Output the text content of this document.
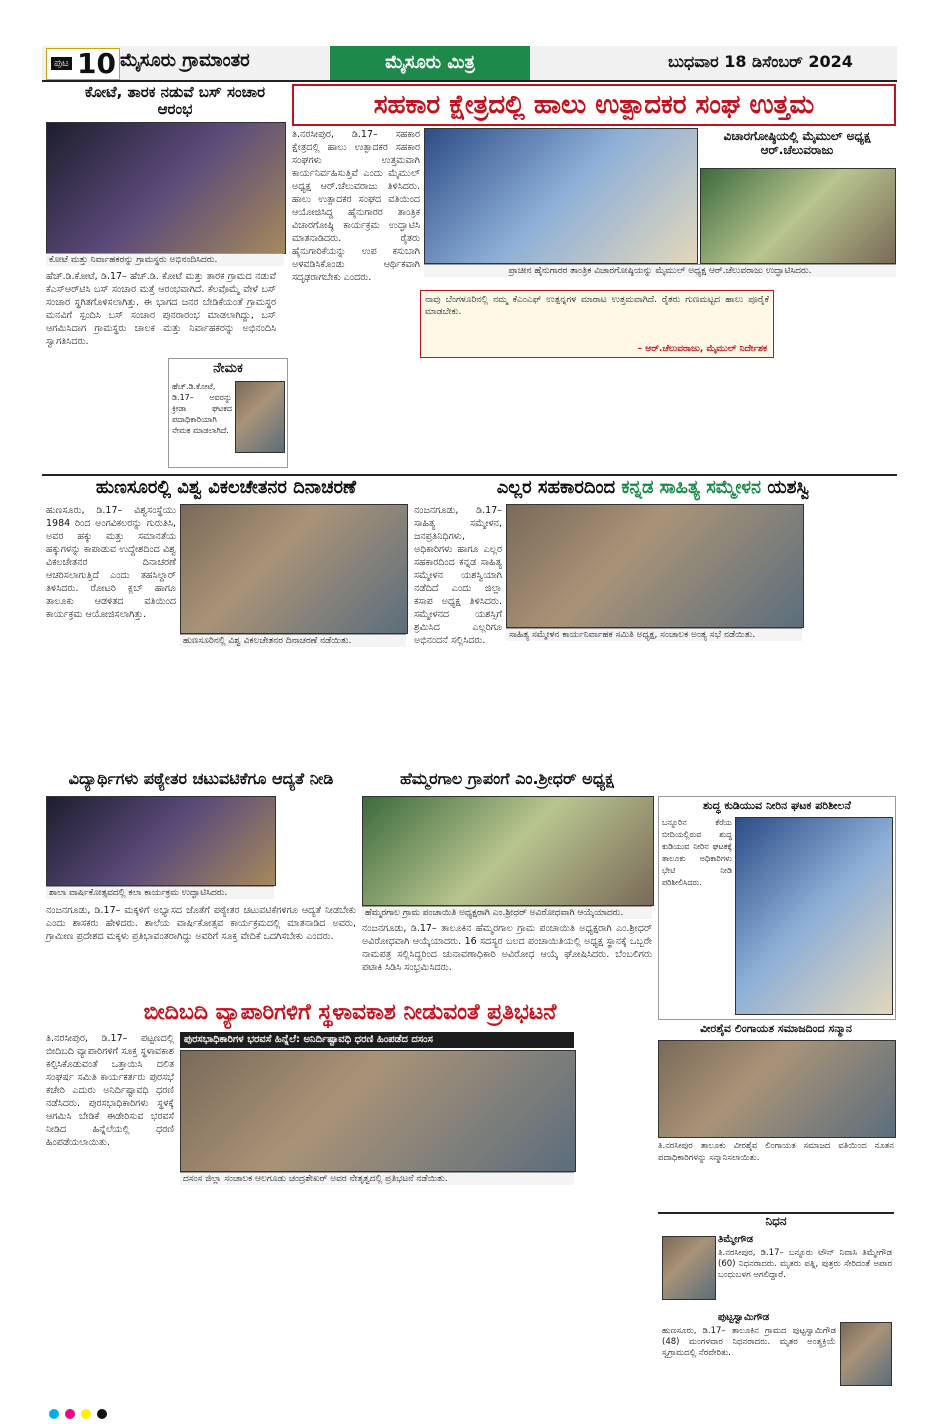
ಪುಟ 10 ಮೈಸೂರು ಗ್ರಾಮಾಂತರ	ಮೈಸೂರು ಮಿತ್ರ	ಬುಧವಾರ 18 ಡಿಸೆಂಬರ್ 2024
ಕೋಟೆ, ತಾರಕ ನಡುವೆ ಬಸ್ ಸಂಚಾರ ಆರಂಭ
ಕೋಟೆ ಮತ್ತು ನಿರ್ವಾಹಕರನ್ನು ಗ್ರಾಮಸ್ಥರು ಅಭಿನಂದಿಸಿದರು.
ಹೆಚ್.ಡಿ.ಕೋಟೆ, ಡಿ.17– ಹೆಚ್.ಡಿ. ಕೋಟೆ ಮತ್ತು ತಾರಕ ಗ್ರಾಮದ ನಡುವೆ ಕೆಎಸ್‌ಆರ್‌ಟಿಸಿ ಬಸ್ ಸಂಚಾರ ಮತ್ತೆ ಆರಂಭವಾಗಿದೆ. ಕೆಲವೊಮ್ಮೆ ವೇಳೆ ಬಸ್ ಸಂಚಾರ ಸ್ಥಗಿತಗೊಳಿಸಲಾಗಿತ್ತು. ಈ ಭಾಗದ ಜನರ ಬೇಡಿಕೆಯಂತೆ ಗ್ರಾಮಸ್ಥರ ಮನವಿಗೆ ಸ್ಪಂದಿಸಿ ಬಸ್ ಸಂಚಾರ ಪುನರಾರಂಭ ಮಾಡಲಾಗಿದ್ದು, ಬಸ್ ಆಗಮಿಸಿದಾಗ ಗ್ರಾಮಸ್ಥರು ಚಾಲಕ ಮತ್ತು ನಿರ್ವಾಹಕರನ್ನು ಅಭಿನಂದಿಸಿ ಸ್ವಾಗತಿಸಿದರು.
ನೇಮಕ
ಹೆಚ್.ಡಿ.ಕೋಟೆ, ಡಿ.17– ಅವರನ್ನು ಕ್ರೀಡಾ ಘಟಕದ ಪದಾಧಿಕಾರಿಯಾಗಿ ನೇಮಕ ಮಾಡಲಾಗಿದೆ.
ಸಹಕಾರ ಕ್ಷೇತ್ರದಲ್ಲಿ ಹಾಲು ಉತ್ಪಾದಕರ ಸಂಘ ಉತ್ತಮ
ತಿ.ನರಸೀಪುರ, ಡಿ.17– ಸಹಕಾರ ಕ್ಷೇತ್ರದಲ್ಲಿ ಹಾಲು ಉತ್ಪಾದಕರ ಸಹಕಾರ ಸಂಘಗಳು ಉತ್ತಮವಾಗಿ ಕಾರ್ಯನಿರ್ವಹಿಸುತ್ತಿವೆ ಎಂದು ಮೈಮುಲ್ ಅಧ್ಯಕ್ಷ ಆರ್.ಚೆಲುವರಾಜು ತಿಳಿಸಿದರು. ಹಾಲು ಉತ್ಪಾದಕರ ಸಂಘದ ವತಿಯಿಂದ ಆಯೋಜಿಸಿದ್ದ ಹೈನುಗಾರರ ತಾಂತ್ರಿಕ ವಿಚಾರಗೋಷ್ಠಿ ಕಾರ್ಯಕ್ರಮ ಉದ್ಘಾಟಿಸಿ ಮಾತನಾಡಿದರು. ರೈತರು ಹೈನುಗಾರಿಕೆಯನ್ನು ಉಪ ಕಸುಬಾಗಿ ಅಳವಡಿಸಿಕೊಂಡು ಆರ್ಥಿಕವಾಗಿ ಸದೃಢರಾಗಬೇಕು ಎಂದರು.
ವಿಚಾರಗೋಷ್ಠಿಯಲ್ಲಿ ಮೈಮುಲ್ ಅಧ್ಯಕ್ಷ ಆರ್.ಚೆಲುವರಾಜು
ಪ್ರಾಚೀನ ಹೈನುಗಾರರ ತಾಂತ್ರಿಕ ವಿಚಾರಗೋಷ್ಠಿಯನ್ನು ಮೈಮುಲ್ ಅಧ್ಯಕ್ಷ ಆರ್.ಚೆಲುವರಾಜು ಉದ್ಘಾಟಿಸಿದರು.
ನಾವು ಬೆಂಗಳೂರಿನಲ್ಲಿ ನಮ್ಮ ಕೆಎಂಎಫ್ ಉತ್ಪನ್ನಗಳ ಮಾರಾಟ ಉತ್ತಮವಾಗಿದೆ. ರೈತರು ಗುಣಮಟ್ಟದ ಹಾಲು ಪೂರೈಕೆ ಮಾಡಬೇಕು.
– ಆರ್.ಚೆಲುವರಾಜು, ಮೈಮುಲ್ ನಿರ್ದೇಶಕ
ಹುಣಸೂರಲ್ಲಿ ವಿಶ್ವ ವಿಕಲಚೇತನರ ದಿನಾಚರಣೆ
ಹುಣಸೂರು, ಡಿ.17– ವಿಶ್ವಸಂಸ್ಥೆಯು 1984 ರಿಂದ ಅಂಗವಿಕಲರನ್ನು ಗುರುತಿಸಿ, ಅವರ ಹಕ್ಕು ಮತ್ತು ಸಮಾನತೆಯ ಹಕ್ಕುಗಳನ್ನು ಕಾಪಾಡುವ ಉದ್ದೇಶದಿಂದ ವಿಶ್ವ ವಿಕಲಚೇತನರ ದಿನಾಚರಣೆ ಆಚರಿಸಲಾಗುತ್ತಿದೆ ಎಂದು ತಹಸಿಲ್ದಾರ್ ತಿಳಿಸಿದರು. ರೋಟರಿ ಕ್ಲಬ್ ಹಾಗೂ ತಾಲೂಕು ಆಡಳಿತದ ವತಿಯಿಂದ ಕಾರ್ಯಕ್ರಮ ಆಯೋಜಿಸಲಾಗಿತ್ತು.
ಹುಣಸೂರಿನಲ್ಲಿ ವಿಶ್ವ ವಿಕಲಚೇತನರ ದಿನಾಚರಣೆ ನಡೆಯಿತು.
ಎಲ್ಲರ ಸಹಕಾರದಿಂದ ಕನ್ನಡ ಸಾಹಿತ್ಯ ಸಮ್ಮೇಳನ ಯಶಸ್ವಿ
ನಂಜನಗೂಡು, ಡಿ.17– ಸಾಹಿತ್ಯ ಸಮ್ಮೇಳನ, ಜನಪ್ರತಿನಿಧಿಗಳು, ಅಧಿಕಾರಿಗಳು ಹಾಗೂ ಎಲ್ಲರ ಸಹಕಾರದಿಂದ ಕನ್ನಡ ಸಾಹಿತ್ಯ ಸಮ್ಮೇಳನ ಯಶಸ್ವಿಯಾಗಿ ನಡೆದಿದೆ ಎಂದು ಜಿಲ್ಲಾ ಕಸಾಪ ಅಧ್ಯಕ್ಷ ತಿಳಿಸಿದರು. ಸಮ್ಮೇಳನದ ಯಶಸ್ಸಿಗೆ ಶ್ರಮಿಸಿದ ಎಲ್ಲರಿಗೂ ಅಭಿನಂದನೆ ಸಲ್ಲಿಸಿದರು.	ಸಾಹಿತ್ಯ ಸಮ್ಮೇಳನ ಕಾರ್ಯನಿರ್ವಾಹಕ ಸಮಿತಿ ಅಧ್ಯಕ್ಷ, ಸಂಚಾಲಕ ಅಂತ್ಯ ಸಭೆ ನಡೆಯಿತು.
ವಿದ್ಯಾರ್ಥಿಗಳು ಪಠ್ಯೇತರ ಚಟುವಟಿಕೆಗೂ ಆದ್ಯತೆ ನೀಡಿ
ಶಾಲಾ ವಾರ್ಷಿಕೋತ್ಸವದಲ್ಲಿ ಕಲಾ ಕಾರ್ಯಕ್ರಮ ಉದ್ಘಾಟಿಸಿದರು.
ನಂಜನಗೂಡು, ಡಿ.17– ಮಕ್ಕಳಿಗೆ ಅಭ್ಯಾಸದ ಜೊತೆಗೆ ಪಠ್ಯೇತರ ಚಟುವಟಿಕೆಗಳಿಗೂ ಆದ್ಯತೆ ನೀಡಬೇಕು ಎಂದು ಶಾಸಕರು ಹೇಳಿದರು. ಶಾಲೆಯ ವಾರ್ಷಿಕೋತ್ಸವ ಕಾರ್ಯಕ್ರಮದಲ್ಲಿ ಮಾತನಾಡಿದ ಅವರು, ಗ್ರಾಮೀಣ ಪ್ರದೇಶದ ಮಕ್ಕಳು ಪ್ರತಿಭಾವಂತರಾಗಿದ್ದು ಅವರಿಗೆ ಸೂಕ್ತ ವೇದಿಕೆ ಒದಗಿಸಬೇಕು ಎಂದರು.
ಹೆಮ್ಮರಗಾಲ ಗ್ರಾಪಂಗೆ ಎಂ.ಶ್ರೀಧರ್ ಅಧ್ಯಕ್ಷ
ಹೆಮ್ಮರಗಾಲ ಗ್ರಾಮ ಪಂಚಾಯಿತಿ ಅಧ್ಯಕ್ಷರಾಗಿ ಎಂ.ಶ್ರೀಧರ್ ಅವಿರೋಧವಾಗಿ ಆಯ್ಕೆಯಾದರು.
ನಂಜನಗೂಡು, ಡಿ.17– ತಾಲೂಕಿನ ಹೆಮ್ಮರಗಾಲ ಗ್ರಾಮ ಪಂಚಾಯಿತಿ ಅಧ್ಯಕ್ಷರಾಗಿ ಎಂ.ಶ್ರೀಧರ್ ಅವಿರೋಧವಾಗಿ ಆಯ್ಕೆಯಾದರು. 16 ಸದಸ್ಯರ ಬಲದ ಪಂಚಾಯಿತಿಯಲ್ಲಿ ಅಧ್ಯಕ್ಷ ಸ್ಥಾನಕ್ಕೆ ಒಬ್ಬರೇ ನಾಮಪತ್ರ ಸಲ್ಲಿಸಿದ್ದರಿಂದ ಚುನಾವಣಾಧಿಕಾರಿ ಅವಿರೋಧ ಆಯ್ಕೆ ಘೋಷಿಸಿದರು. ಬೆಂಬಲಿಗರು ಪಟಾಕಿ ಸಿಡಿಸಿ ಸಂಭ್ರಮಿಸಿದರು.
ಶುದ್ಧ ಕುಡಿಯುವ ನೀರಿನ ಘಟಕ ಪರಿಶೀಲನೆ
ಬನ್ನೂರಿನ ಕೆರೆಯ ಬೀದಿಯಲ್ಲಿರುವ ಶುದ್ಧ ಕುಡಿಯುವ ನೀರಿನ ಘಟಕಕ್ಕೆ ತಾಲೂಕು ಅಧಿಕಾರಿಗಳು ಭೇಟಿ ನೀಡಿ ಪರಿಶೀಲಿಸಿದರು.
ವೀರಶೈವ ಲಿಂಗಾಯತ ಸಮಾಜದಿಂದ ಸನ್ಮಾನ
ತಿ.ನರಸೀಪುರ ತಾಲೂಕು ವೀರಶೈವ ಲಿಂಗಾಯತ ಸಮಾಜದ ವತಿಯಿಂದ ನೂತನ ಪದಾಧಿಕಾರಿಗಳನ್ನು ಸನ್ಮಾನಿಸಲಾಯಿತು.
ಬೀದಿಬದಿ ವ್ಯಾಪಾರಿಗಳಿಗೆ ಸ್ಥಳಾವಕಾಶ ನೀಡುವಂತೆ ಪ್ರತಿಭಟನೆ
ತಿ.ನರಸೀಪುರ, ಡಿ.17– ಪಟ್ಟಣದಲ್ಲಿ ಬೀದಿಬದಿ ವ್ಯಾಪಾರಿಗಳಿಗೆ ಸೂಕ್ತ ಸ್ಥಳಾವಕಾಶ ಕಲ್ಪಿಸಿಕೊಡುವಂತೆ ಒತ್ತಾಯಿಸಿ ದಲಿತ ಸಂಘರ್ಷ ಸಮಿತಿ ಕಾರ್ಯಕರ್ತರು ಪುರಸಭೆ ಕಚೇರಿ ಎದುರು ಅನಿರ್ದಿಷ್ಟಾವಧಿ ಧರಣಿ ನಡೆಸಿದರು. ಪುರಸಭಾಧಿಕಾರಿಗಳು ಸ್ಥಳಕ್ಕೆ ಆಗಮಿಸಿ ಬೇಡಿಕೆ ಈಡೇರಿಸುವ ಭರವಸೆ ನೀಡಿದ ಹಿನ್ನೆಲೆಯಲ್ಲಿ ಧರಣಿ ಹಿಂಪಡೆಯಲಾಯಿತು.
ಪುರಸಭಾಧಿಕಾರಿಗಳ ಭರವಸೆ ಹಿನ್ನೆಲೆ: ಅನಿರ್ದಿಷ್ಟಾವಧಿ ಧರಣಿ ಹಿಂಪಡೆದ ದಸಂಸ
ದಸಂಸ ಜಿಲ್ಲಾ ಸಂಚಾಲಕ ಆಲಗೂಡು ಚಂದ್ರಶೇಖರ್ ಅವರ ನೇತೃತ್ವದಲ್ಲಿ ಪ್ರತಿಭಟನೆ ನಡೆಯಿತು.
ನಿಧನ
ತಿಮ್ಮೇಗೌಡ
ತಿ.ನರಸೀಪುರ, ಡಿ.17– ಬನ್ನೂರು ಟೌನ್ ನಿವಾಸಿ ತಿಮ್ಮೇಗೌಡ (60) ನಿಧನರಾದರು. ಮೃತರು ಪತ್ನಿ, ಪುತ್ರರು ಸೇರಿದಂತೆ ಅಪಾರ ಬಂಧುಬಳಗ ಅಗಲಿದ್ದಾರೆ.
ಪುಟ್ಟಸ್ವಾಮಿಗೌಡ
ಹುಣಸೂರು, ಡಿ.17– ತಾಲೂಕಿನ ಗ್ರಾಮದ ಪುಟ್ಟಸ್ವಾಮಿಗೌಡ (48) ಮಂಗಳವಾರ ನಿಧನರಾದರು. ಮೃತರ ಅಂತ್ಯಕ್ರಿಯೆ ಸ್ವಗ್ರಾಮದಲ್ಲಿ ನೆರವೇರಿತು.
